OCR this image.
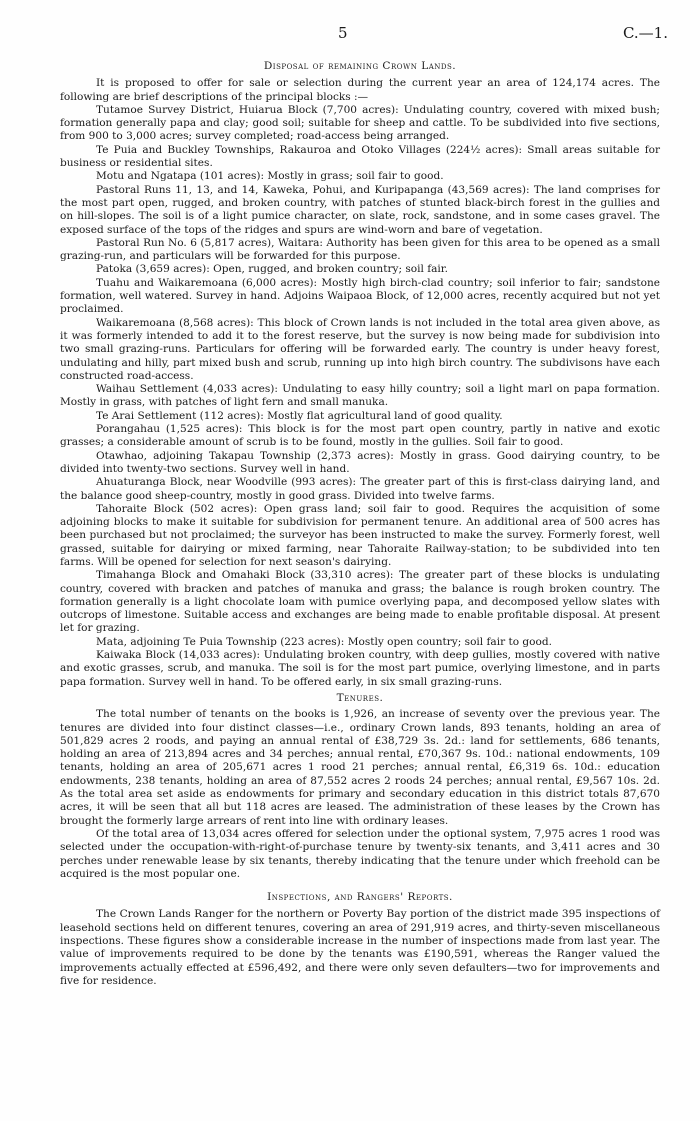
5	C.—1.
Disposal of remaining Crown Lands.

It is proposed to offer for sale or selection during the current year an area of 124,174 acres. The following are brief descriptions of the principal blocks :—

Tutamoe Survey District, Huiarua Block (7,700 acres): Undulating country, covered with mixed bush; formation generally papa and clay; good soil; suitable for sheep and cattle. To be subdivided into five sections, from 900 to 3,000 acres; survey completed; road-access being arranged.

Te Puia and Buckley Townships, Rakauroa and Otoko Villages (224½ acres): Small areas suitable for business or residential sites.

Motu and Ngatapa (101 acres): Mostly in grass; soil fair to good.

Pastoral Runs 11, 13, and 14, Kaweka, Pohui, and Kuripapanga (43,569 acres): The land comprises for the most part open, rugged, and broken country, with patches of stunted black-birch forest in the gullies and on hill-slopes. The soil is of a light pumice character, on slate, rock, sandstone, and in some cases gravel. The exposed surface of the tops of the ridges and spurs are wind-worn and bare of vegetation.

Pastoral Run No. 6 (5,817 acres), Waitara: Authority has been given for this area to be opened as a small grazing-run, and particulars will be forwarded for this purpose.

Patoka (3,659 acres): Open, rugged, and broken country; soil fair.

Tuahu and Waikaremoana (6,000 acres): Mostly high birch-clad country; soil inferior to fair; sandstone formation, well watered. Survey in hand. Adjoins Waipaoa Block, of 12,000 acres, recently acquired but not yet proclaimed.

Waikaremoana (8,568 acres): This block of Crown lands is not included in the total area given above, as it was formerly intended to add it to the forest reserve, but the survey is now being made for subdivision into two small grazing-runs. Particulars for offering will be forwarded early. The country is under heavy forest, undulating and hilly, part mixed bush and scrub, running up into high birch country. The subdivisons have each constructed road-access.

Waihau Settlement (4,033 acres): Undulating to easy hilly country; soil a light marl on papa formation. Mostly in grass, with patches of light fern and small manuka.

Te Arai Settlement (112 acres): Mostly flat agricultural land of good quality.

Porangahau (1,525 acres): This block is for the most part open country, partly in native and exotic grasses; a considerable amount of scrub is to be found, mostly in the gullies. Soil fair to good.

Otawhao, adjoining Takapau Township (2,373 acres): Mostly in grass. Good dairying country, to be divided into twenty-two sections. Survey well in hand.

Ahuaturanga Block, near Woodville (993 acres): The greater part of this is first-class dairying land, and the balance good sheep-country, mostly in good grass. Divided into twelve farms.

Tahoraite Block (502 acres): Open grass land; soil fair to good. Requires the acquisition of some adjoining blocks to make it suitable for subdivision for permanent tenure. An additional area of 500 acres has been purchased but not proclaimed; the surveyor has been instructed to make the survey. Formerly forest, well grassed, suitable for dairying or mixed farming, near Tahoraite Railway-station; to be subdivided into ten farms. Will be opened for selection for next season's dairying.

Timahanga Block and Omahaki Block (33,310 acres): The greater part of these blocks is undulating country, covered with bracken and patches of manuka and grass; the balance is rough broken country. The formation generally is a light chocolate loam with pumice overlying papa, and decomposed yellow slates with outcrops of limestone. Suitable access and exchanges are being made to enable profitable disposal. At present let for grazing.

Mata, adjoining Te Puia Township (223 acres): Mostly open country; soil fair to good.

Kaiwaka Block (14,033 acres): Undulating broken country, with deep gullies, mostly covered with native and exotic grasses, scrub, and manuka. The soil is for the most part pumice, overlying limestone, and in parts papa formation. Survey well in hand. To be offered early, in six small grazing-runs.

Tenures.

The total number of tenants on the books is 1,926, an increase of seventy over the previous year. The tenures are divided into four distinct classes—i.e., ordinary Crown lands, 893 tenants, holding an area of 501,829 acres 2 roods, and paying an annual rental of £38,729 3s. 2d.: land for settlements, 686 tenants, holding an area of 213,894 acres and 34 perches; annual rental, £70,367 9s. 10d.: national endowments, 109 tenants, holding an area of 205,671 acres 1 rood 21 perches; annual rental, £6,319 6s. 10d.: education endowments, 238 tenants, holding an area of 87,552 acres 2 roods 24 perches; annual rental, £9,567 10s. 2d. As the total area set aside as endowments for primary and secondary education in this district totals 87,670 acres, it will be seen that all but 118 acres are leased. The administration of these leases by the Crown has brought the formerly large arrears of rent into line with ordinary leases.

Of the total area of 13,034 acres offered for selection under the optional system, 7,975 acres 1 rood was selected under the occupation-with-right-of-purchase tenure by twenty-six tenants, and 3,411 acres and 30 perches under renewable lease by six tenants, thereby indicating that the tenure under which freehold can be acquired is the most popular one.

Inspections, and Rangers' Reports.

The Crown Lands Ranger for the northern or Poverty Bay portion of the district made 395 inspections of leasehold sections held on different tenures, covering an area of 291,919 acres, and thirty-seven miscellaneous inspections. These figures show a considerable increase in the number of inspections made from last year. The value of improvements required to be done by the tenants was £190,591, whereas the Ranger valued the improvements actually effected at £596,492, and there were only seven defaulters—two for improvements and five for residence.
